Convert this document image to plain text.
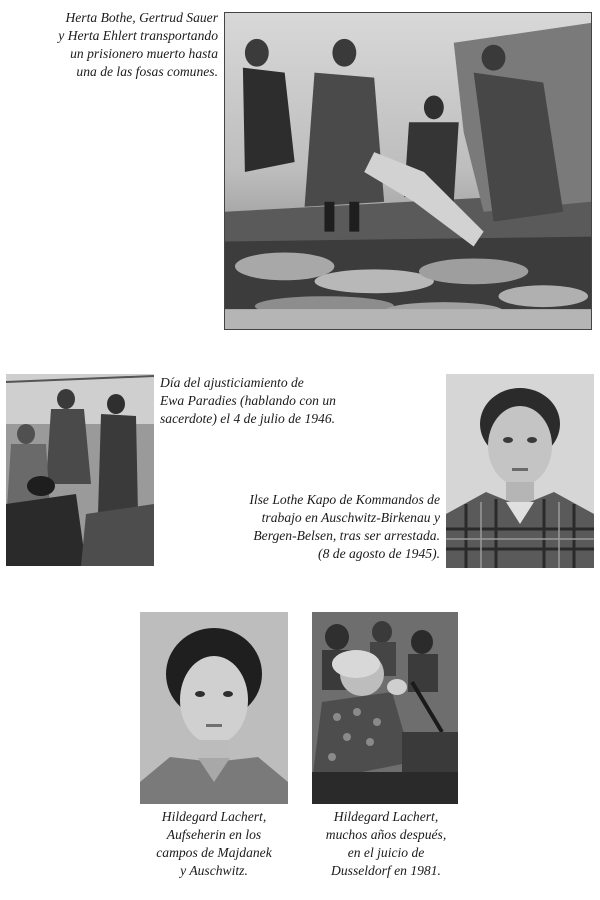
Herta Bothe, Gertrud Sauer
y Herta Ehlert transportando
un prisionero muerto hasta
una de las fosas comunes.

Día del ajusticiamiento de
Ewa Paradies (hablando con un
sacerdote) el 4 de julio de 1946.

Ilse Lothe Kapo de Kommandos de
trabajo en Auschwitz-Birkenau y
Bergen-Belsen, tras ser arrestada.
(8 de agosto de 1945).

Hildegard Lachert,
Aufseherin en los
campos de Majdanek
y Auschwitz.

Hildegard Lachert,
muchos años después,
en el juicio de
Dusseldorf en 1981.
